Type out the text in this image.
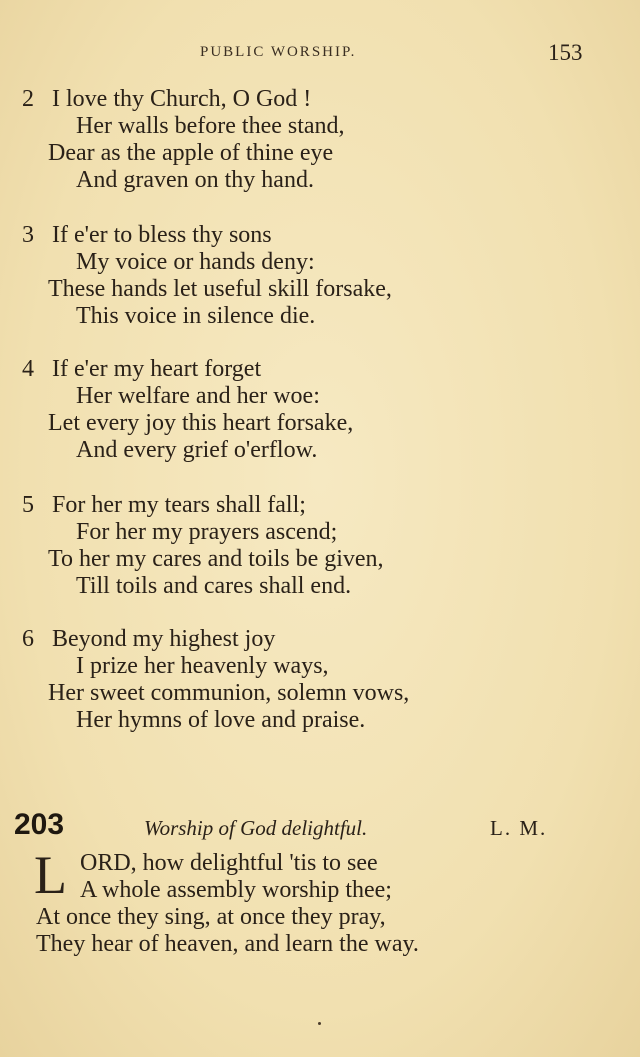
PUBLIC WORSHIP.	153
2 I love thy Church, O God !
Her walls before thee stand,
Dear as the apple of thine eye
And graven on thy hand.
3 If e'er to bless thy sons
My voice or hands deny:
These hands let useful skill forsake,
This voice in silence die.
4 If e'er my heart forget
Her welfare and her woe:
Let every joy this heart forsake,
And every grief o'erflow.
5 For her my tears shall fall;
For her my prayers ascend;
To her my cares and toils be given,
Till toils and cares shall end.
6 Beyond my highest joy
I prize her heavenly ways,
Her sweet communion, solemn vows,
Her hymns of love and praise.
203	Worship of God delightful.	L. M.
L ORD, how delightful 'tis to see
A whole assembly worship thee;
At once they sing, at once they pray,
They hear of heaven, and learn the way.
